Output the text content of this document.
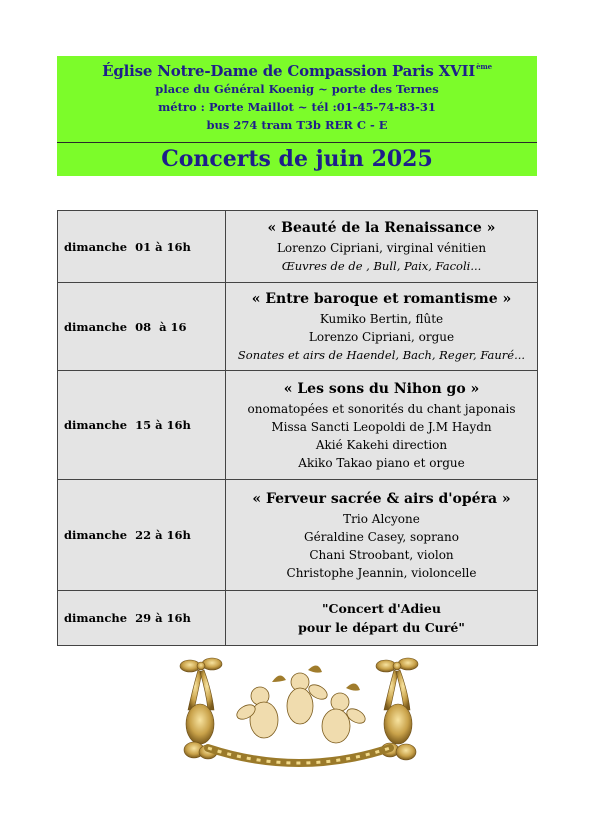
Église Notre-Dame de Compassion Paris XVIIème
place du Général Koenig ~ porte des Ternes
métro : Porte Maillot ~ tél :01-45-74-83-31
bus 274 tram T3b RER C - E
Concerts de juin 2025
dimanche  01 à 16h	« Beauté de la Renaissance »
Lorenzo Cipriani, virginal vénitien
Œuvres de de , Bull, Paix, Facoli...

dimanche  08  à 16	« Entre baroque et romantisme »
Kumiko Bertin, flûte
Lorenzo Cipriani, orgue
Sonates et airs de Haendel, Bach, Reger, Fauré...

dimanche  15 à 16h	« Les sons du Nihon go »
onomatopées et sonorités du chant japonais
Missa Sancti Leopoldi de J.M Haydn
Akié Kakehi direction
Akiko Takao piano et orgue

dimanche  22 à 16h	« Ferveur sacrée & airs d'opéra »
Trio Alcyone
Géraldine Casey, soprano
Chani Stroobant, violon
Christophe Jeannin, violoncelle

dimanche  29 à 16h	"Concert d'Adieu
pour le départ du Curé"
